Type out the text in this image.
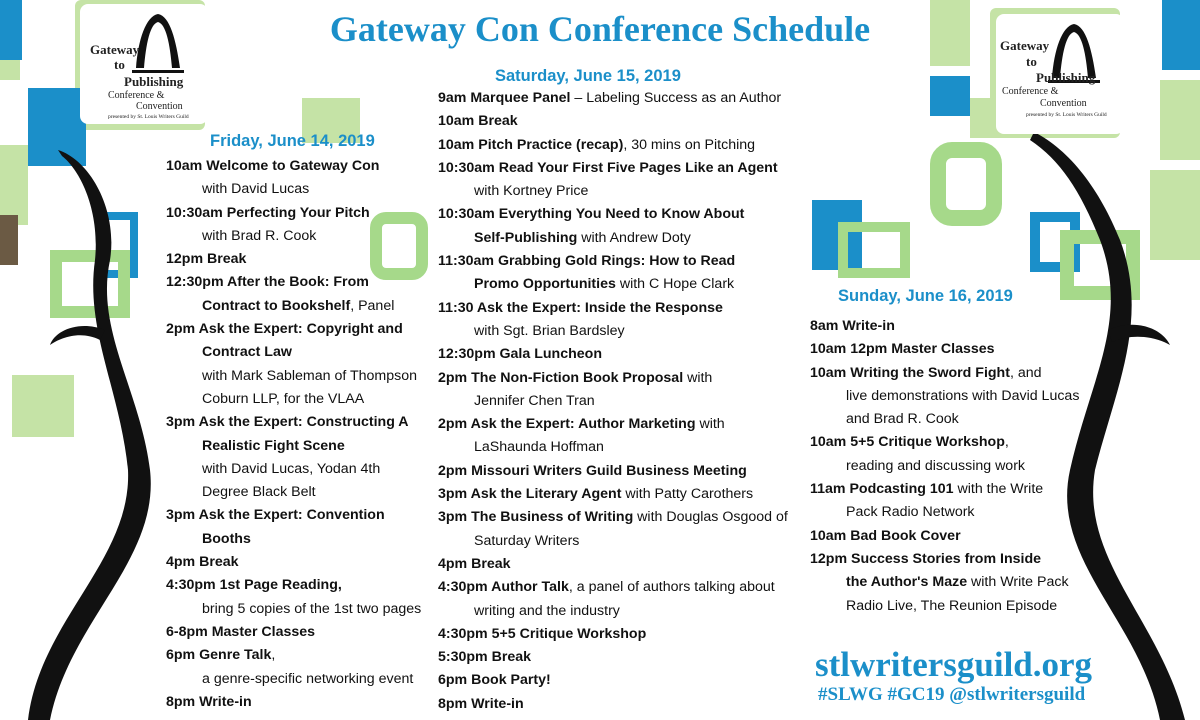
Gateway
to
Publishing
Conference &
Convention
presented by St. Louis Writers Guild
Gateway
to
Publishing
Conference &
Convention
presented by St. Louis Writers Guild
Gateway Con Conference Schedule
Friday, June 14, 2019

10am Welcome to Gateway Con

with David Lucas

10:30am Perfecting Your Pitch

with Brad R. Cook

12pm Break

12:30pm After the Book: From

Contract to Bookshelf, Panel

2pm Ask the Expert: Copyright and

Contract Law

with Mark Sableman of Thompson

Coburn LLP, for the VLAA

3pm Ask the Expert: Constructing A

Realistic Fight Scene

with David Lucas, Yodan 4th

Degree Black Belt

3pm Ask the Expert: Convention

Booths

4pm Break

4:30pm 1st Page Reading,

bring 5 copies of the 1st two pages

6-8pm Master Classes

6pm Genre Talk,

a genre-specific networking event

8pm Write-in

Saturday, June 15, 2019

9am Marquee Panel – Labeling Success as an Author

10am Break

10am Pitch Practice (recap), 30 mins on Pitching

10:30am Read Your First Five Pages Like an Agent

with Kortney Price

10:30am Everything You Need to Know About

Self-Publishing with Andrew Doty

11:30am Grabbing Gold Rings: How to Read

Promo Opportunities with C Hope Clark

11:30 Ask the Expert: Inside the Response

with Sgt. Brian Bardsley

12:30pm Gala Luncheon

2pm The Non-Fiction Book Proposal with

Jennifer Chen Tran

2pm Ask the Expert: Author Marketing with

LaShaunda Hoffman

2pm Missouri Writers Guild Business Meeting

3pm Ask the Literary Agent with Patty Carothers

3pm The Business of Writing with Douglas Osgood of

Saturday Writers

4pm Break

4:30pm Author Talk, a panel of authors talking about

writing and the industry

4:30pm 5+5 Critique Workshop

5:30pm Break

6pm Book Party!

8pm Write-in

Sunday, June 16, 2019

8am Write-in

10am 12pm Master Classes

10am Writing the Sword Fight, and

live demonstrations with David Lucas

and Brad R. Cook

10am 5+5 Critique Workshop,

reading and discussing work

11am Podcasting 101 with the Write

Pack Radio Network

10am Bad Book Cover

12pm Success Stories from Inside

the Author's Maze with Write Pack

Radio Live, The Reunion Episode

stlwritersguild.org

#SLWG #GC19 @stlwritersguild
